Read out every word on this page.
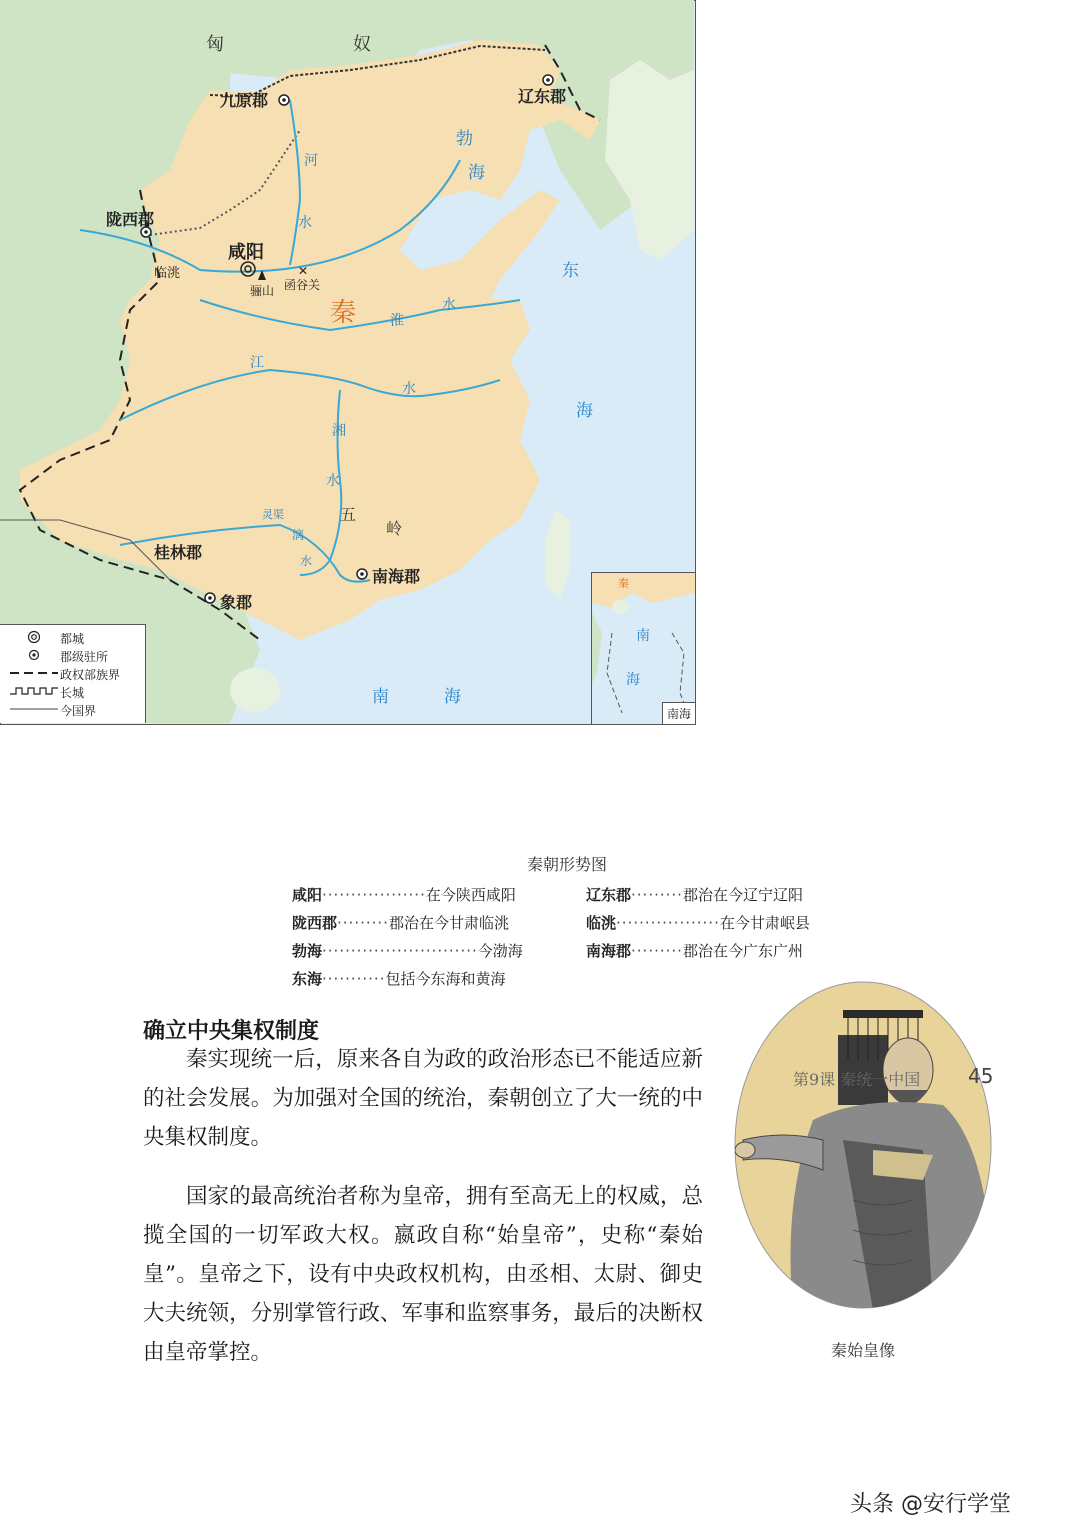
✕
匈	奴
九原郡	辽东郡
陇西郡
咸阳
临洮
骊山 函谷关
秦
河
水
淮
水
江
水
湘
水
灵渠
漓
水
五
岭
桂林郡
南海郡
象郡
勃
海
东
海
南	海
都城
郡级驻所
政权部族界
长城
今国界
秦
南
海
南海
秦朝形势图
咸阳··················在今陕西咸阳	辽东郡·········郡治在今辽宁辽阳
陇西郡·········郡治在今甘肃临洮	临洮··················在今甘肃岷县
勃海···························今渤海	南海郡·········郡治在今广东广州
东海···········包括今东海和黄海
确立中央集权制度

秦实现统一后，原来各自为政的政治形态已不能适应新的社会发展。为加强对全国的统治，秦朝创立了大一统的中央集权制度。

国家的最高统治者称为皇帝，拥有至高无上的权威，总揽全国的一切军政大权。嬴政自称“始皇帝”，史称“秦始皇”。皇帝之下，设有中央政权机构，由丞相、太尉、御史大夫统领，分别掌管行政、军事和监察事务，最后的决断权由皇帝掌控。	秦始皇像
第9课 秦统一中国 45
头条 @安行学堂
